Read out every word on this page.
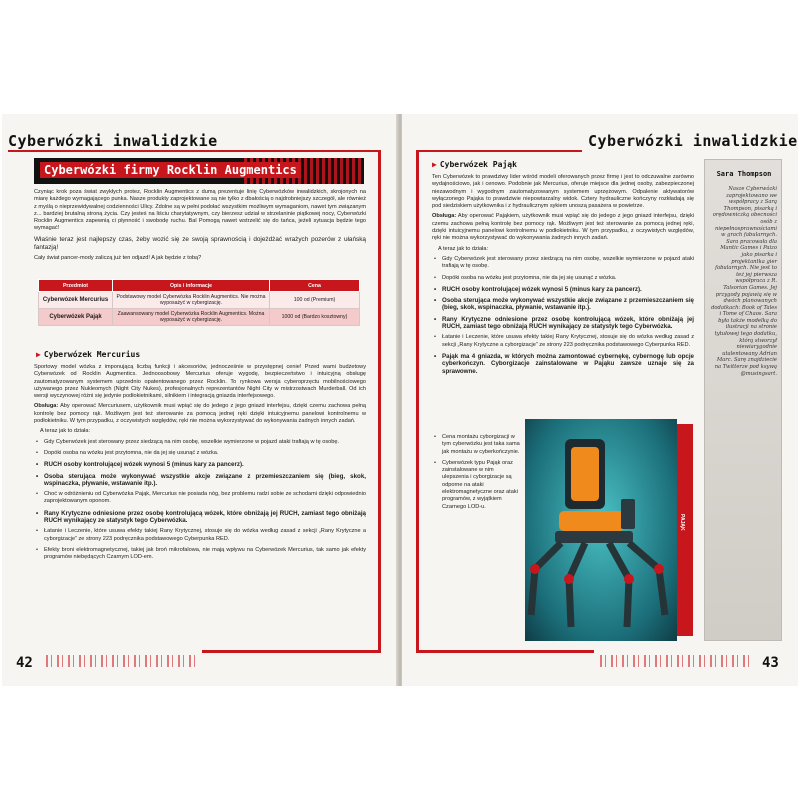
Cyberwózki inwalidzkie
Cyberwózki firmy Rocklin Augmentics

Czyniąc krok poza świat zwykłych protez, Rocklin Augmentics z dumą prezentuje linię Cyberwózków inwalidzkich, skrojonych na miarę każdego wymagającego punka. Nasze produkty zaprojektowane są nie tylko z dbałością o najdrobniejszy szczegół, ale również z myślą o nieprzewidywalnej codzienności Ulicy. Zdolne są w pełni podołać wszystkim możliwym wymaganiom, nawet tym związanym z... bardziej brutalną stroną życia. Czy jesteś na liściu charytatywnym, czy bierzesz udział w strzelaninie piątkowej nocy, Cyberwózki Rocklin Augmentics zapewnią ci płynność i swobodę ruchu. Bal Pomogą nawet wstrzelić się do tańca, jeżeli sytuacja będzie tego wymagać!

Właśnie teraz jest najlepszy czas, żeby wozić się ze swoją sprawnością i dojeżdżać wrażych pozerów z ułańską fantazją!

Cały świat pancer-mody zaliczą już ten odjazd! A jak będzie z tobą?

Przedmiot	Opis i informacje	Cena
Cyberwózek Mercurius	Podstawowy model Cyberwózka Rocklin Augmentics. Nie można wyposażyć w cybergizację.	100 od (Premium)
Cyberwózek Pająk	Zaawansowany model Cyberwózka Rocklin Augmentics. Można wyposażyć w cybergizację.	1000 od (Bardzo kosztowny)
▶ Cyberwózek Mercurius

Sportowy model wózka z imponującą liczbą funkcji i akcesoriów, jednocześnie w przystępnej cenie! Przed wami budżetowy Cyberwózek od Rocklin Augmentics. Jednoosobowy Mercurius oferuje wygodę, bezpieczeństwo i intuicyjną obsługę zautomatyzowanym systemem uprzednio opatentowanego przez Rocklin. To rynkowa wersja cyberoprzęctu mobilnościowego używanego przez Nukleomych (Night City Nukes), profesjonalnych reprezentantów Night City w mistrzostwach Murderball. Od ich wersji wyczynowej różni się jedynie podłokietnikami, silnikiem i integracją gniazda interfejsowego.

Obsługa: Aby operować Mercuriusem, użytkownik musi wpiąć się do jedego z jego gniazd interfejsu, dzięki czemu zachowa pełną kontrolę bez pomocy rąk. Możliwym jest też sterowanie za pomocą jednej ręki dzięki intuicyjnemu panelowi kontrolnemu w podłokietniku. W tym przypadku, z oczywistych względów, ręki nie można wykorzystywać do wykonywania żadnych innych zadań.

A teraz jak to działa:

• Gdy Cyberwózek jest sterowany przez siedzącą na nim osobę, wszelkie wymierzone w pojazd ataki trafiają w tę osobę.
• Dopóki osoba na wózku jest przytomna, nie da jej się usunąć z wózka.
• RUCH osoby kontrolującej wózek wynosi 5 (minus kary za pancerz).
• Osoba sterująca może wykonywać wszystkie akcje związane z przemieszczaniem się (bieg, skok, wspinaczka, pływanie, wstawanie itp.).
• Choć w odróżnieniu od Cyberwózka Pająk, Mercurius nie posiada nóg, bez problemu radzi sobie ze schodami dzięki odpowiednio zaprojektowanym oponom.
• Rany Krytyczne odniesione przez osobę kontrolującą wózek, które obniżają jej RUCH, zamiast tego obniżają RUCH wynikający ze statystyk tego Cyberwózka.
• Łatanie i Leczenie, które usuwa efekty takiej Rany Krytycznej, stosuje się do wózka według zasad z sekcji „Rany Krytyczne a cyborgizacje” ze strony 223 podręcznika podstawowego Cyberpunka RED.
• Efekty broni elektromagnetycznej, takiej jak broń mikrofalowa, nie mają wpływu na Cyberwózek Mercurius, tak samo jak efekty programów niebędących Czarnym LOD-em.
42
Cyberwózki inwalidzkie
▶ Cyberwózek Pająk

Ten Cyberwózek to prawdziwy lider wśród modeli oferowanych przez firmę i jest to odczuwalne zarówno wydajnościowo, jak i cenowo. Podobnie jak Mercurius, oferuje miejsce dla jednej osoby, zabezpieczonej niezawodnym i wygodnym zautomatyzowanym systemem uprzężowym. Odpalenie aktywatorów wyłączonego Pająka to prawdziwie niepowtarzalny widok. Cztery hydrauliczne kończyny rozkładają się pod siedziskiem użytkownika i z hydraulicznym sykiem unoszą pasażera w powietrze.

Obsługa: Aby operować Pająkiem, użytkownik musi wpiąć się do jedego z jego gniazd interfejsu, dzięki czemu zachowa pełną kontrolę bez pomocy rąk. Możliwym jest też sterowanie za pomocą jednej ręki, dzięki intuicyjnemu panelowi kontrolnemu w podłokietniku. W tym przypadku, z oczywistych względów, ręki nie można wykorzystywać do wykonywania żadnych innych zadań.

A teraz jak to działa:

• Gdy Cyberwózek jest sterowany przez siedzącą na nim osobę, wszelkie wymierzone w pojazd ataki trafiają w tę osobę.
• Dopóki osoba na wózku jest przytomna, nie da jej się usunąć z wózka.
• RUCH osoby kontrolującej wózek wynosi 5 (minus kary za pancerz).
• Osoba sterująca może wykonywać wszystkie akcje związane z przemieszczaniem się (bieg, skok, wspinaczka, pływanie, wstawanie itp.).
• Rany Krytyczne odniesione przez osobę kontrolującą wózek, które obniżają jej RUCH, zamiast tego obniżają RUCH wynikający ze statystyk tego Cyberwózka.
• Łatanie i Leczenie, które usuwa efekty takiej Rany Krytycznej, stosuje się do wózka według zasad z sekcji „Rany Krytyczne a cyborgizacje” ze strony 223 podręcznika podstawowego Cyberpunka RED.
• Pająk ma 4 gniazda, w których można zamontować cybernękę, cybernogę lub opcje cyberkończyn. Cyborgizacje zainstalowane w Pająku zawsze uznaje się za sprawowne.
• Cena montażu cyborgizacji w tym cyberwózku jest taka sama jak montażu w cyberkończynie.
• Cyberwózek typu Pająk oraz zainstalowane w nim ulepszenia i cyborgizacje są odporne na ataki elektromagnetyczne oraz ataki programów, z wyjątkiem Czarnego LOD-u.
PAJĄK
Sara Thompson
Nasze Cyberwózki zaprojektowano we współpracy z Sarą Thompson, pisarką i orędowniczką obecności osób z niepełnosprawnościami w grach fabularnych. Sara pracowała dla Mantic Games i Paizo jako pisarka i projektantka gier fabularnych. Nie jest to też jej pierwsza współpraca z R. Talsorian Games. Jej przygody pojawią się w dwóch planowanych dodatkach: Book of Tales i Tome of Chaos. Sara była także modelką do ilustracji na stronie tytułowej tego dodatku, którą stworzył niewiarygodnie utalentowany Adrian Marc. Sarę znajdziecie na Twitterze pod ksywą @musingsart.
43
